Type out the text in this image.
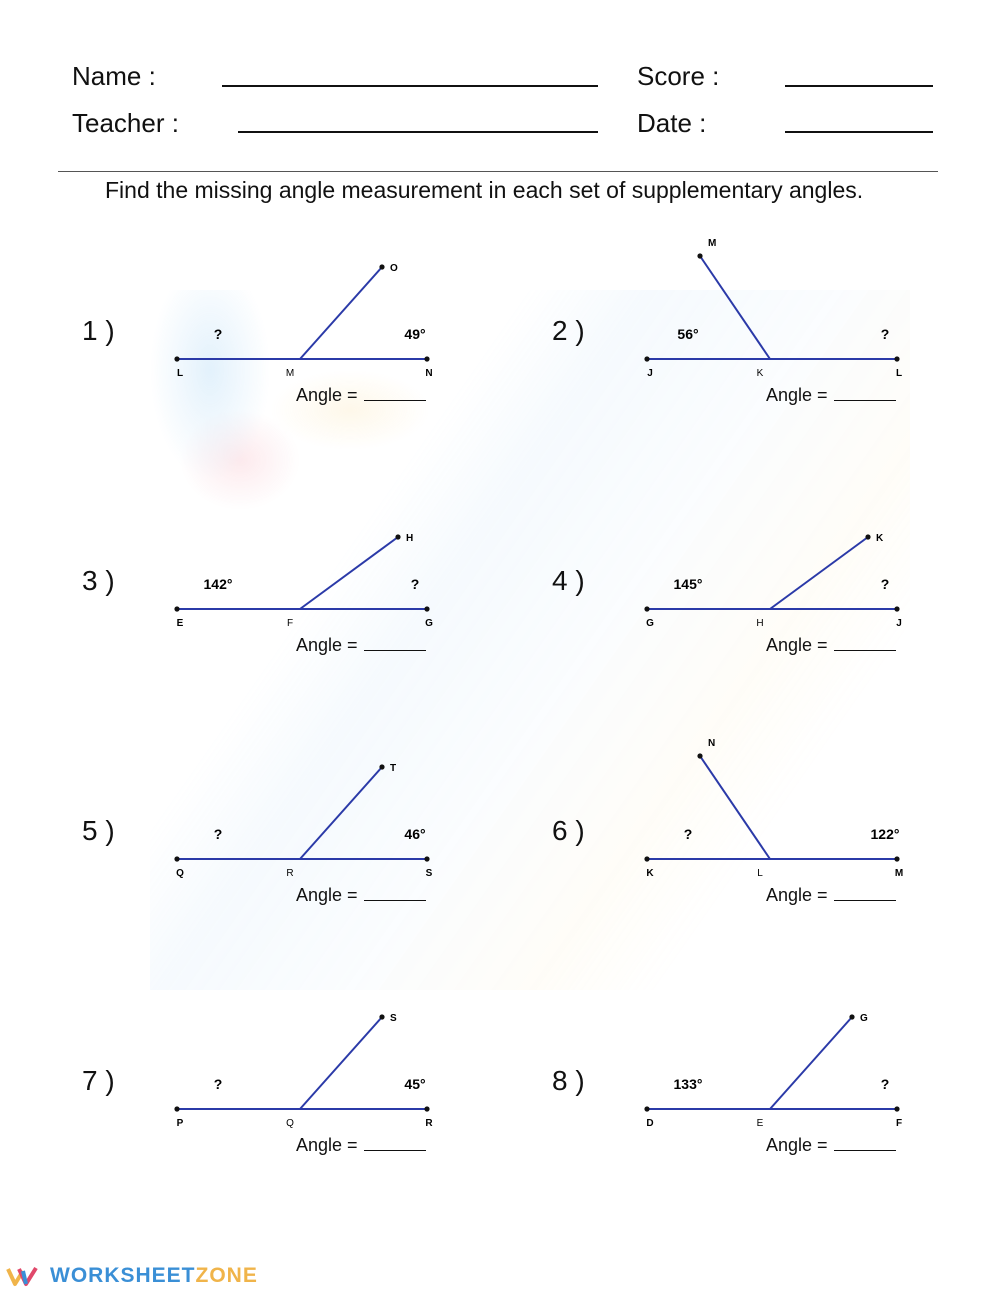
Name :
Teacher :
Score :
Date :
Find the missing angle measurement in each set of supplementary angles.
1 )
L	M	N
O
?	49°
Angle =
2 )
J	K	L
M
56°	?
Angle =
3 )
E	F	G
H
142°	?
Angle =
4 )
G	H	J
K
145°	?
Angle =
5 )
Q	R	S
T
?	46°
Angle =
6 )
K	L	M
N
?	122°
Angle =
7 )
P	Q	R
S
?	45°
Angle =
8 )
D	E	F
G
133°	?
Angle =
WORKSHEETZONE
